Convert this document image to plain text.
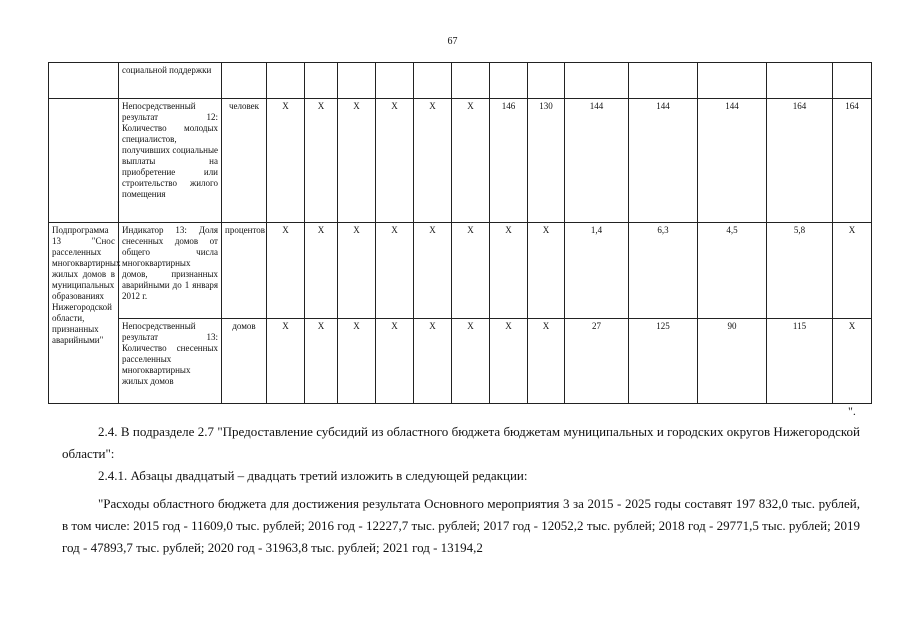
67
	социальной поддержки														
	Непосредственный результат 12: Количество молодых специалистов, получивших социальные выплаты на приобретение или строительство жилого помещения	человек	X	X	X	X	X	X	146	130	144	144	144	164	164
Подпрограмма 13 "Снос расселенных многоквартирных жилых домов в муниципальных образованиях Нижегородской области, признанных аварийными"	Индикатор 13: Доля снесенных домов от общего числа многоквартирных домов, признанных аварийными до 1 января 2012 г.	процентов	X	X	X	X	X	X	X	X	1,4	6,3	4,5	5,8	X
	Непосредственный результат 13: Количество снесенных расселенных многоквартирных жилых домов	домов	X	X	X	X	X	X	X	X	27	125	90	115	X
".
2.4. В подразделе 2.7 "Предоставление субсидий из областного бюджета бюджетам муниципальных и городских округов Нижегородской области":
2.4.1. Абзацы двадцатый – двадцать третий изложить в следующей редакции:
"Расходы областного бюджета для достижения результата Основного мероприятия 3 за 2015 - 2025 годы составят 197 832,0 тыс. рублей, в том числе: 2015 год - 11609,0 тыс. рублей; 2016 год - 12227,7 тыс. рублей; 2017 год - 12052,2 тыс. рублей; 2018 год - 29771,5 тыс. рублей; 2019 год - 47893,7 тыс. рублей; 2020 год - 31963,8 тыс. рублей; 2021 год - 13194,2
